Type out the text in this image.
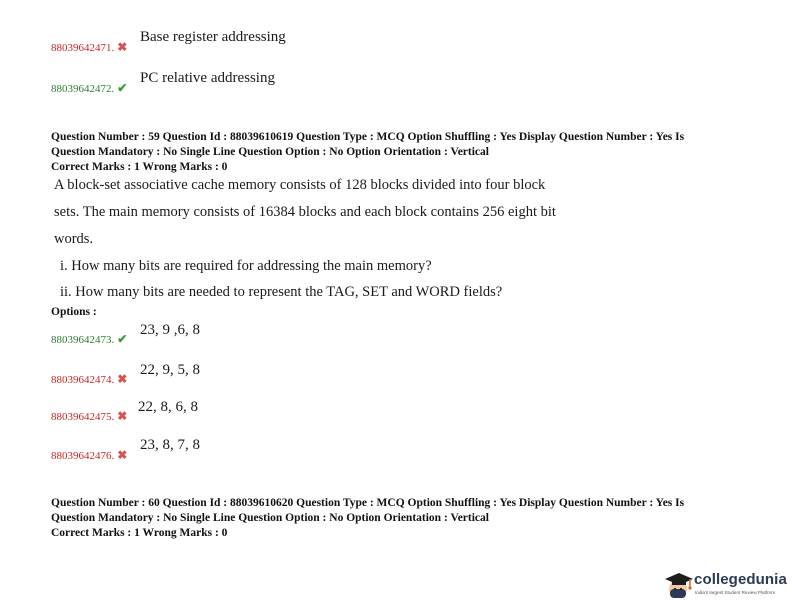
88039642471. ✖
Base register addressing
88039642472. ✔
PC relative addressing
Question Number : 59 Question Id : 88039610619 Question Type : MCQ Option Shuffling : Yes Display Question Number : Yes Is
Question Mandatory : No Single Line Question Option : No Option Orientation : Vertical
Correct Marks : 1 Wrong Marks : 0
A block-set associative cache memory consists of 128 blocks divided into four block
sets. The main memory consists of 16384 blocks and each block contains 256 eight bit
words.
i. How many bits are required for addressing the main memory?
ii. How many bits are needed to represent the TAG, SET and WORD fields?
Options :
88039642473. ✔
23, 9 ,6, 8
88039642474. ✖
22, 9, 5, 8
88039642475. ✖
22, 8, 6, 8
88039642476. ✖
23, 8, 7, 8
Question Number : 60 Question Id : 88039610620 Question Type : MCQ Option Shuffling : Yes Display Question Number : Yes Is
Question Mandatory : No Single Line Question Option : No Option Orientation : Vertical
Correct Marks : 1 Wrong Marks : 0
collegedunia
India's largest Student Review Platform
